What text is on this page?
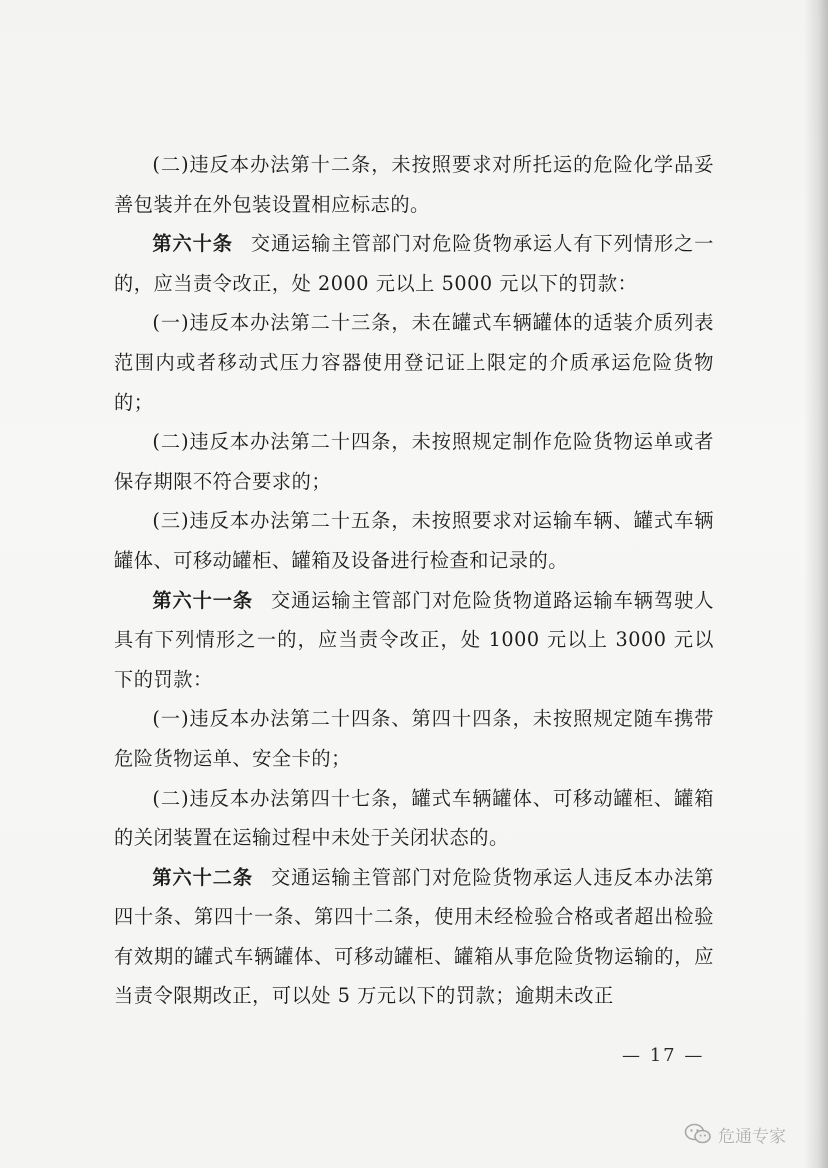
(二)违反本办法第十二条，未按照要求对所托运的危险化学品妥善包装并在外包装设置相应标志的。

第六十条 交通运输主管部门对危险货物承运人有下列情形之一的，应当责令改正，处 2000 元以上 5000 元以下的罚款：

(一)违反本办法第二十三条，未在罐式车辆罐体的适装介质列表范围内或者移动式压力容器使用登记证上限定的介质承运危险货物的；

(二)违反本办法第二十四条，未按照规定制作危险货物运单或者保存期限不符合要求的；

(三)违反本办法第二十五条，未按照要求对运输车辆、罐式车辆罐体、可移动罐柜、罐箱及设备进行检查和记录的。

第六十一条 交通运输主管部门对危险货物道路运输车辆驾驶人具有下列情形之一的，应当责令改正，处 1000 元以上 3000 元以下的罚款：

(一)违反本办法第二十四条、第四十四条，未按照规定随车携带危险货物运单、安全卡的；

(二)违反本办法第四十七条，罐式车辆罐体、可移动罐柜、罐箱的关闭装置在运输过程中未处于关闭状态的。

第六十二条 交通运输主管部门对危险货物承运人违反本办法第四十条、第四十一条、第四十二条，使用未经检验合格或者超出检验有效期的罐式车辆罐体、可移动罐柜、罐箱从事危险货物运输的，应当责令限期改正，可以处 5 万元以下的罚款；逾期未改正

— 17 —
危通专家
